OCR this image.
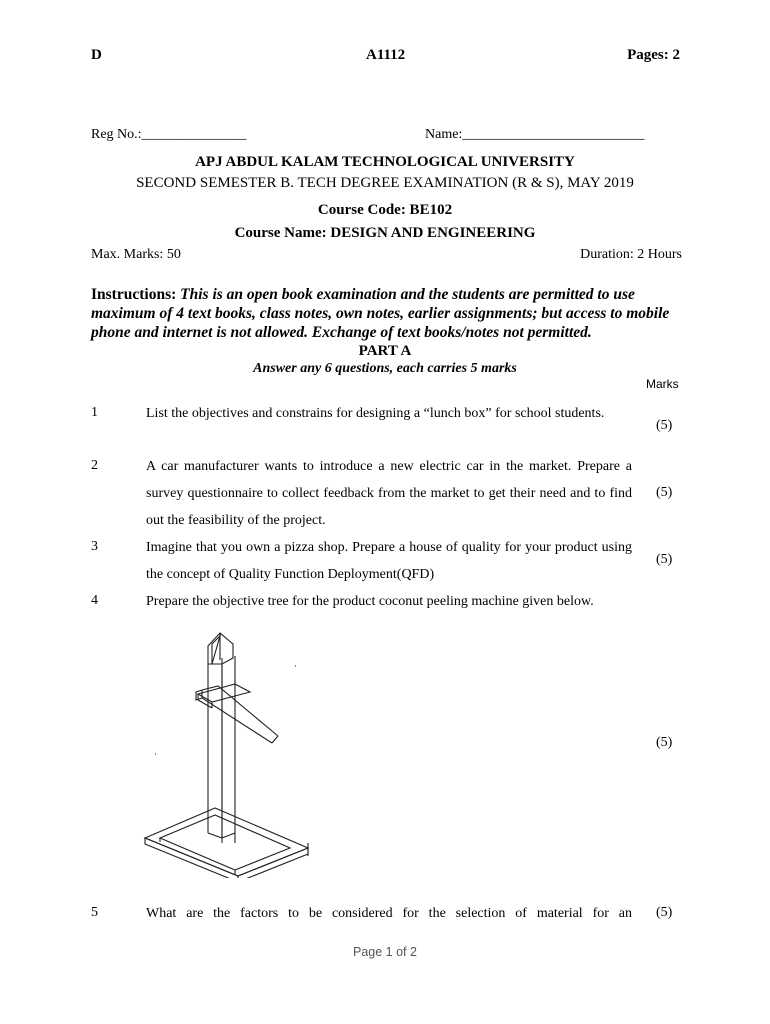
D	A1112	Pages: 2
Reg No.:_______________	Name:__________________________
APJ ABDUL KALAM TECHNOLOGICAL UNIVERSITY
SECOND SEMESTER B. TECH DEGREE EXAMINATION (R & S), MAY 2019
Course Code: BE102
Course Name: DESIGN AND ENGINEERING
Max. Marks: 50	Duration: 2 Hours
Instructions: This is an open book examination and the students are permitted to use maximum of 4 text books, class notes, own notes, earlier assignments; but access to mobile phone and internet is not allowed. Exchange of text books/notes not permitted.
PART A
Answer any 6 questions, each carries 5 marks
Marks
1	List the objectives and constrains for designing a “lunch box” for school students.
(5)
2	A car manufacturer wants to introduce a new electric car in the market. Prepare a survey questionnaire to collect feedback from the market to get their need and to find out the feasibility of the project.
(5)
3	Imagine that you own a pizza shop. Prepare a house of quality for your product using the concept of Quality Function Deployment(QFD)
(5)
4	Prepare the objective tree for the product coconut peeling machine given below.
(5)
5	What are the factors to be considered for the selection of material for an (5)
Page 1 of 2
